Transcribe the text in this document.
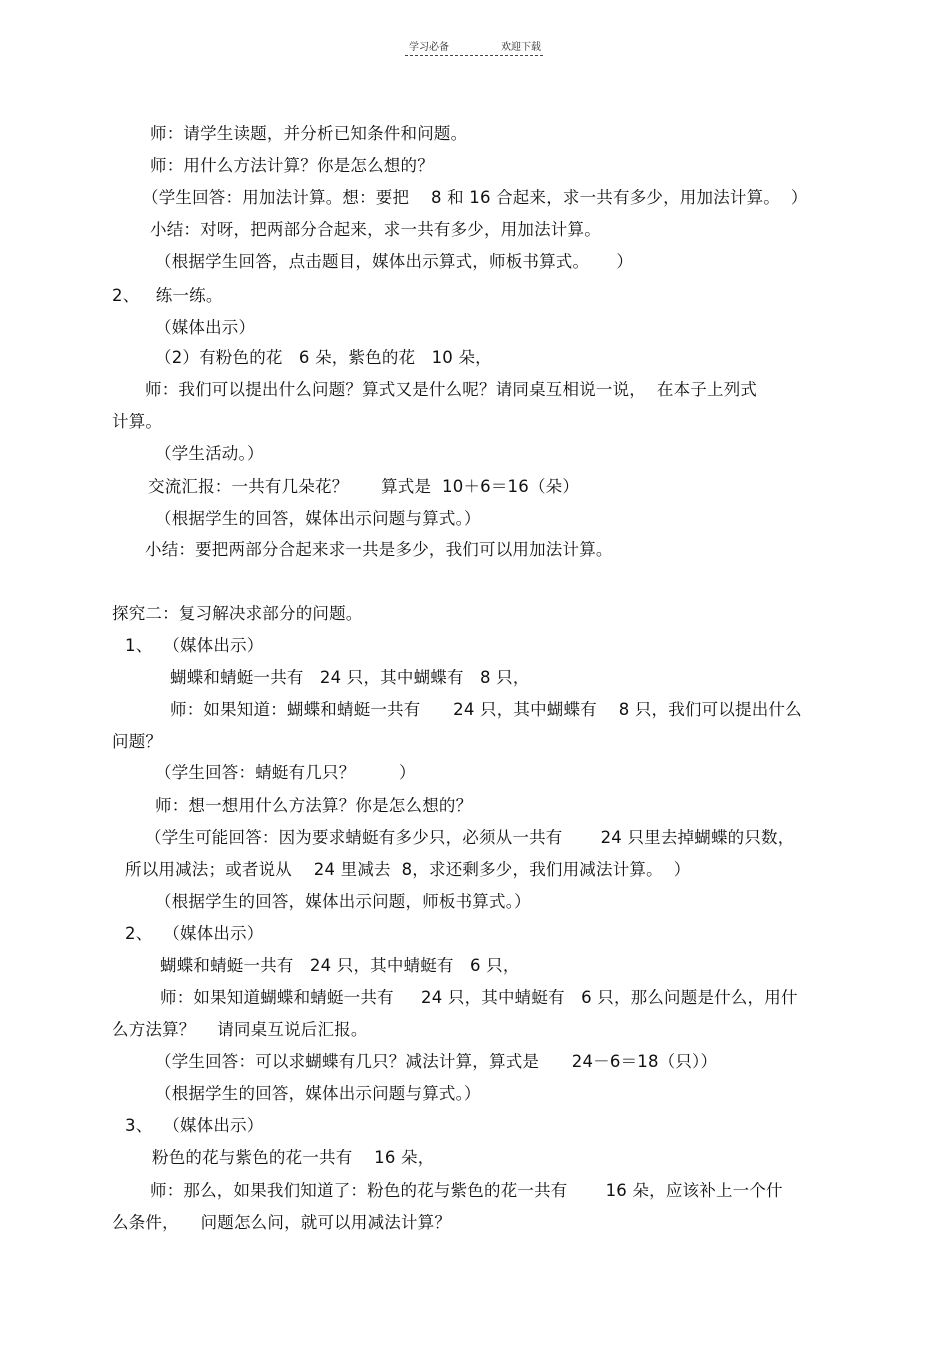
学习必备	欢迎下载
师：请学生读题，并分析已知条件和问题。
师：用什么方法计算？你是怎么想的？
（学生回答：用加法计算。想：要把    8 和 16 合起来，求一共有多少，用加法计算。  ）
小结：对呀，把两部分合起来，求一共有多少，用加法计算。
（根据学生回答，点击题目，媒体出示算式，师板书算式。     ）
2、   练一练。
（媒体出示）
（2）有粉色的花   6 朵，紫色的花   10 朵，
师：我们可以提出什么问题？算式又是什么呢？请同桌互相说一说，  在本子上列式
计算。
（学生活动。）
交流汇报：一共有几朵花？      算式是  10＋6＝16（朵）
（根据学生的回答，媒体出示问题与算式。）
小结：要把两部分合起来求一共是多少，我们可以用加法计算。
探究二：复习解决求部分的问题。
1、  （媒体出示）
蝴蝶和蜻蜓一共有   24 只，其中蝴蝶有   8 只，
师：如果知道：蝴蝶和蜻蜓一共有      24 只，其中蝴蝶有    8 只，我们可以提出什么
问题？
（学生回答：蜻蜓有几只？        ）
师：想一想用什么方法算？你是怎么想的？
（学生可能回答：因为要求蜻蜓有多少只，必须从一共有       24 只里去掉蝴蝶的只数，
所以用减法；或者说从    24 里减去  8，求还剩多少，我们用减法计算。  ）
（根据学生的回答，媒体出示问题，师板书算式。）
2、  （媒体出示）
蝴蝶和蜻蜓一共有   24 只，其中蜻蜓有   6 只，
师：如果知道蝴蝶和蜻蜓一共有     24 只，其中蜻蜓有   6 只，那么问题是什么，用什
么方法算？    请同桌互说后汇报。
（学生回答：可以求蝴蝶有几只？减法计算，算式是      24－6＝18（只））
（根据学生的回答，媒体出示问题与算式。）
3、  （媒体出示）
粉色的花与紫色的花一共有    16 朵，
师：那么，如果我们知道了：粉色的花与紫色的花一共有       16 朵，应该补上一个什
么条件，    问题怎么问，就可以用减法计算？
